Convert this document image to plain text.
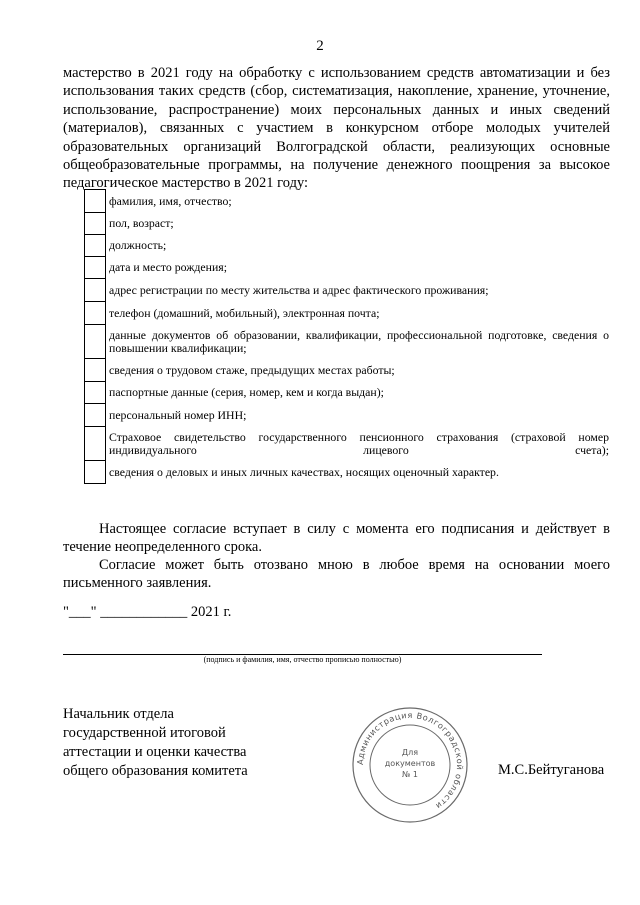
2

мастерство в 2021 году на обработку с использованием средств автоматизации и без использования таких средств (сбор, систематизация, накопление, хранение, уточнение, использование, распространение) моих персональных данных и иных сведений (материалов), связанных с участием в конкурсном отборе молодых учителей образовательных организаций Волгоградской области, реализующих основные общеобразовательные программы, на получение денежного поощрения за высокое педагогическое мастерство в 2021 году:

	фамилия, имя, отчество;
	пол, возраст;
	должность;
	дата и место рождения;
	адрес регистрации по месту жительства и адрес фактического проживания;
	телефон (домашний, мобильный), электронная почта;
	данные документов об образовании, квалификации, профессиональной подготовке, сведения о повышении квалификации;
	сведения о трудовом стаже, предыдущих местах работы;
	паспортные данные (серия, номер, кем и когда выдан);
	персональный номер ИНН;
	Страховое свидетельство государственного пенсионного страхования (страховой номер индивидуального лицевого счета);
	сведения о деловых и иных личных качествах, носящих оценочный характер.

Настоящее согласие вступает в силу с момента его подписания и действует в течение неопределенного срока.

Согласие может быть отозвано мною в любое время на основании моего письменного заявления.

"___" ____________ 2021 г.
(подпись и фамилия, имя, отчество прописью полностью)
Начальник отдела
государственной итоговой
аттестации и оценки качества
общего образования комитета
Администрация Волгоградской области
Для
документов
№ 1	М.С.Бейтуганова
